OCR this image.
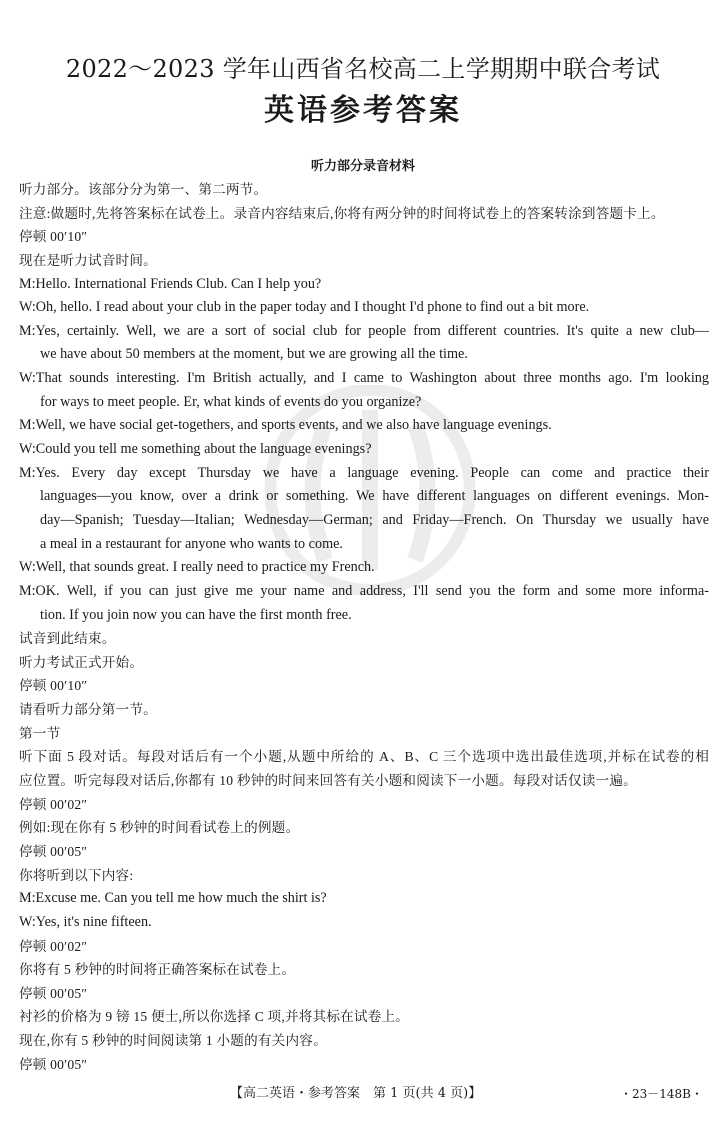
2022～2023 学年山西省名校高二上学期期中联合考试
英语参考答案
听力部分录音材料
听力部分。该部分分为第一、第二两节。
注意:做题时,先将答案标在试卷上。录音内容结束后,你将有两分钟的时间将试卷上的答案转涂到答题卡上。
停顿 00′10″
现在是听力试音时间。
M:Hello. International Friends Club. Can I help you?
W:Oh, hello. I read about your club in the paper today and I thought I'd phone to find out a bit more.
M:Yes, certainly. Well, we are a sort of social club for people from different countries. It's quite a new club—
we have about 50 members at the moment, but we are growing all the time.
W:That sounds interesting. I'm British actually, and I came to Washington about three months ago. I'm looking
for ways to meet people. Er, what kinds of events do you organize?
M:Well, we have social get-togethers, and sports events, and we also have language evenings.
W:Could you tell me something about the language evenings?
M:Yes. Every day except Thursday we have a language evening. People can come and practice their
languages—you know, over a drink or something. We have different languages on different evenings. Mon-
day—Spanish; Tuesday—Italian; Wednesday—German; and Friday—French. On Thursday we usually have
a meal in a restaurant for anyone who wants to come.
W:Well, that sounds great. I really need to practice my French.
M:OK. Well, if you can just give me your name and address, I'll send you the form and some more informa-
tion. If you join now you can have the first month free.
试音到此结束。
听力考试正式开始。
停顿 00′10″
请看听力部分第一节。
第一节
听下面 5 段对话。每段对话后有一个小题,从题中所给的 A、B、C 三个选项中选出最佳选项,并标在试卷的相
应位置。听完每段对话后,你都有 10 秒钟的时间来回答有关小题和阅读下一小题。每段对话仅读一遍。
停顿 00′02″
例如:现在你有 5 秒钟的时间看试卷上的例题。
停顿 00′05″
你将听到以下内容:
M:Excuse me. Can you tell me how much the shirt is?
W:Yes, it's nine fifteen.
停顿 00′02″
你将有 5 秒钟的时间将正确答案标在试卷上。
停顿 00′05″
衬衫的价格为 9 镑 15 便士,所以你选择 C 项,并将其标在试卷上。
现在,你有 5 秒钟的时间阅读第 1 小题的有关内容。
停顿 00′05″
【高二英语・参考答案　第 1 页(共 4 页)】	・23－148B・
